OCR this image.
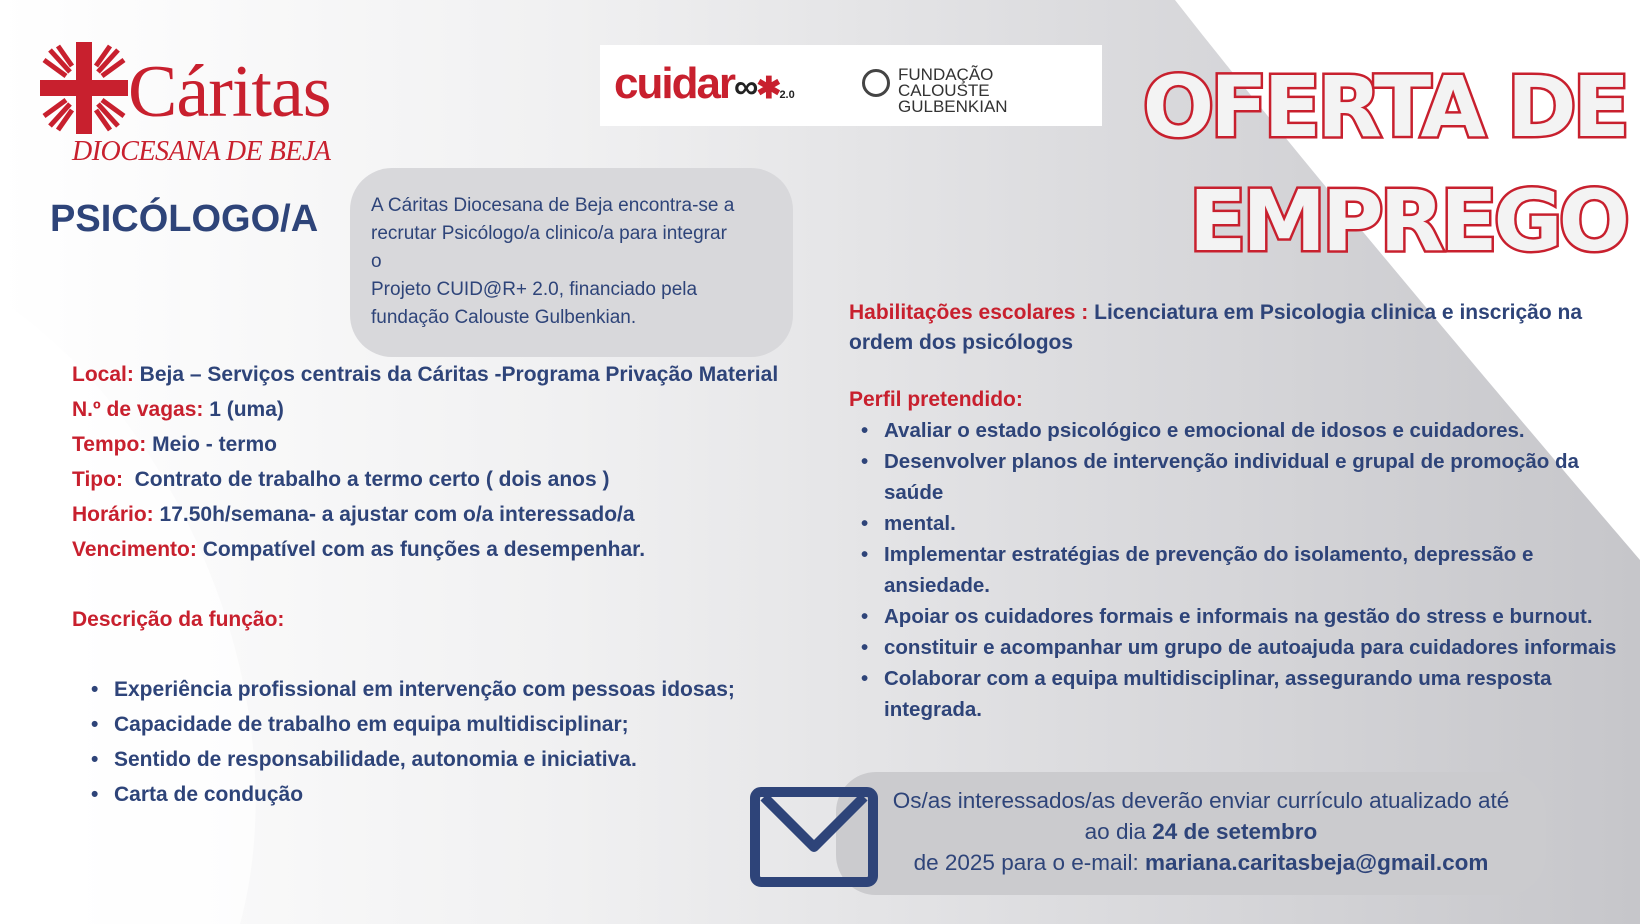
Cáritas
DIOCESANA DE BEJA
cuidar∞✱2.0
FUNDAÇÃO
CALOUSTE GULBENKIAN	OFERTA DE
EMPREGO
PSICÓLOGO/A	A Cáritas Diocesana de Beja encontra-se a
recrutar Psicólogo/a clinico/a para integrar
o
Projeto CUID@R+ 2.0, financiado pela
fundação Calouste Gulbenkian.
Local: Beja – Serviços centrais da Cáritas -Programa Privação Material
N.º de vagas: 1 (uma)
Tempo: Meio - termo
Tipo:  Contrato de trabalho a termo certo ( dois anos )
Horário: 17.50h/semana- a ajustar com o/a interessado/a
Vencimento: Compatível com as funções a desempenhar.
Descrição da função:
• Experiência profissional em intervenção com pessoas idosas;
• Capacidade de trabalho em equipa multidisciplinar;
• Sentido de responsabilidade, autonomia e iniciativa.
• Carta de condução
Habilitações escolares : Licenciatura em Psicologia clinica e inscrição na ordem dos psicólogos
Perfil pretendido:
• Avaliar o estado psicológico e emocional de idosos e cuidadores.
• Desenvolver planos de intervenção individual e grupal de promoção da saúde
• mental.
• Implementar estratégias de prevenção do isolamento, depressão e ansiedade.
• Apoiar os cuidadores formais e informais na gestão do stress e burnout.
• constituir e acompanhar um grupo de autoajuda para cuidadores informais
• Colaborar com a equipa multidisciplinar, assegurando uma resposta integrada.
Os/as interessados/as deverão enviar currículo atualizado até
ao dia 24 de setembro
de 2025 para o e-mail: mariana.caritasbeja@gmail.com
